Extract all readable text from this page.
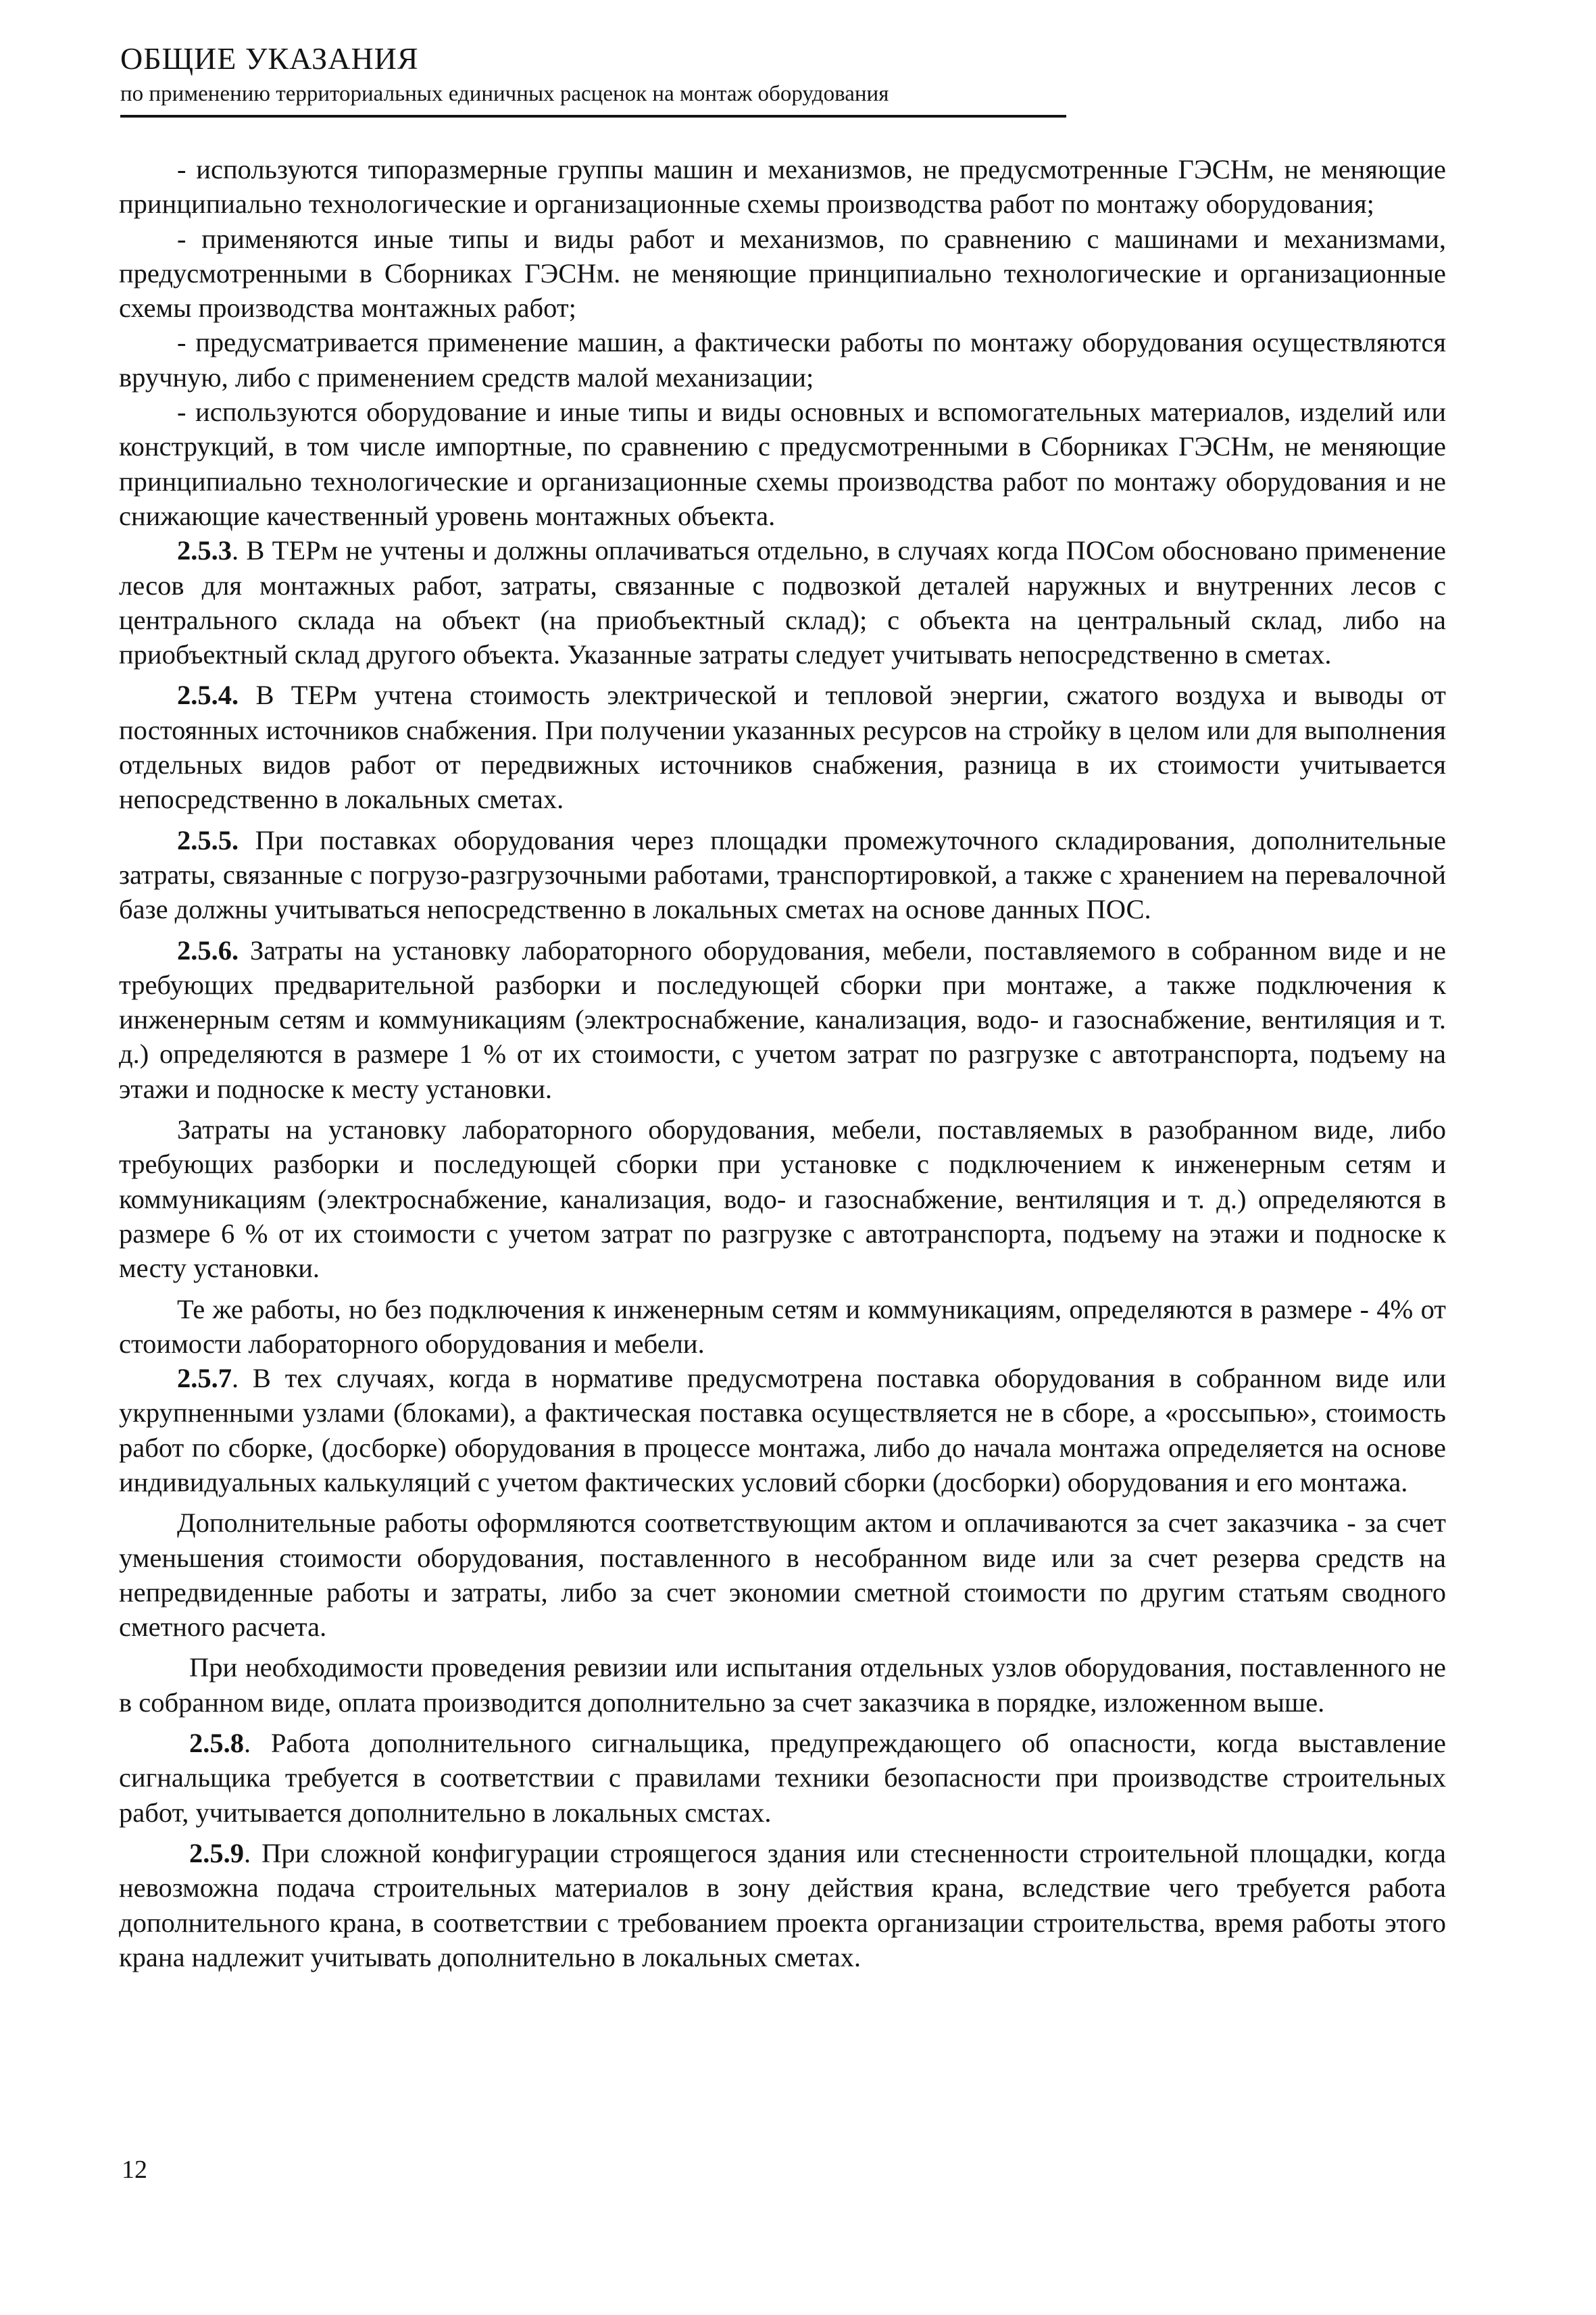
ОБЩИЕ УКАЗАНИЯ
по применению территориальных единичных расценок на монтаж оборудования

- используются типоразмерные группы машин и механизмов, не предусмотренные ГЭСНм, не меняющие принципиально технологические и организационные схемы производства работ по монтажу оборудования;

- применяются иные типы и виды работ и механизмов, по сравнению с машинами и механизмами, предусмотренными в Сборниках ГЭСНм. не меняющие принципиально технологические и организационные схемы производства монтажных работ;

- предусматривается применение машин, а фактически работы по монтажу оборудования осуществляются вручную, либо с применением средств малой механизации;

- используются оборудование и иные типы и виды основных и вспомогательных материалов, изделий или конструкций, в том числе импортные, по сравнению с предусмотренными в Сборниках ГЭСНм, не меняющие принципиально технологические и организационные схемы производства работ по монтажу оборудования и не снижающие качественный уровень монтажных объекта.

2.5.3. В ТЕРм не учтены и должны оплачиваться отдельно, в случаях когда ПОСом обосновано применение лесов для монтажных работ, затраты, связанные с подвозкой деталей наружных и внутренних лесов с центрального склада на объект (на приобъектный склад); с объекта на центральный склад, либо на приобъектный склад другого объекта. Указанные затраты следует учитывать непосредственно в сметах.

2.5.4. В ТЕРм учтена стоимость электрической и тепловой энергии, сжатого воздуха и выводы от постоянных источников снабжения. При получении указанных ресурсов на стройку в целом или для выполнения отдельных видов работ от передвижных источников снабжения, разница в их стоимости учитывается непосредственно в локальных сметах.

2.5.5. При поставках оборудования через площадки промежуточного складирования, дополнительные затраты, связанные с погрузо-разгрузочными работами, транспортировкой, а также с хранением на перевалочной базе должны учитываться непосредственно в локальных сметах на основе данных ПОС.

2.5.6. Затраты на установку лабораторного оборудования, мебели, поставляемого в собранном виде и не требующих предварительной разборки и последующей сборки при монтаже, а также подключения к инженерным сетям и коммуникациям (электроснабжение, канализация, водо- и газоснабжение, вентиляция и т. д.) определяются в размере 1 % от их стоимости, с учетом затрат по разгрузке с автотранспорта, подъему на этажи и подноске к месту установки.

Затраты на установку лабораторного оборудования, мебели, поставляемых в разобранном виде, либо требующих разборки и последующей сборки при установке с подключением к инженерным сетям и коммуникациям (электроснабжение, канализация, водо- и газоснабжение, вентиляция и т. д.) определяются в размере 6 % от их стоимости с учетом затрат по разгрузке с автотранспорта, подъему на этажи и подноске к месту установки.

Те же работы, но без подключения к инженерным сетям и коммуникациям, определяются в размере - 4% от стоимости лабораторного оборудования и мебели.

2.5.7. В тех случаях, когда в нормативе предусмотрена поставка оборудования в собранном виде или укрупненными узлами (блоками), а фактическая поставка осуществляется не в сборе, а «россыпью», стоимость работ по сборке, (досборке) оборудования в процессе монтажа, либо до начала монтажа определяется на основе индивидуальных калькуляций с учетом фактических условий сборки (досборки) оборудования и его монтажа.

Дополнительные работы оформляются соответствующим актом и оплачиваются за счет заказчика - за счет уменьшения стоимости оборудования, поставленного в несобранном виде или за счет резерва средств на непредвиденные работы и затраты, либо за счет экономии сметной стоимости по другим статьям сводного сметного расчета.

При необходимости проведения ревизии или испытания отдельных узлов оборудования, поставленного не в собранном виде, оплата производится дополнительно за счет заказчика в порядке, изложенном выше.

2.5.8. Работа дополнительного сигнальщика, предупреждающего об опасности, когда выставление сигнальщика требуется в соответствии с правилами техники безопасности при производстве строительных работ, учитывается дополнительно в локальных смстах.

2.5.9. При сложной конфигурации строящегося здания или стесненности строительной площадки, когда невозможна подача строительных материалов в зону действия крана, вследствие чего требуется работа дополнительного крана, в соответствии с требованием проекта организации строительства, время работы этого крана надлежит учитывать дополнительно в локальных сметах.

12
